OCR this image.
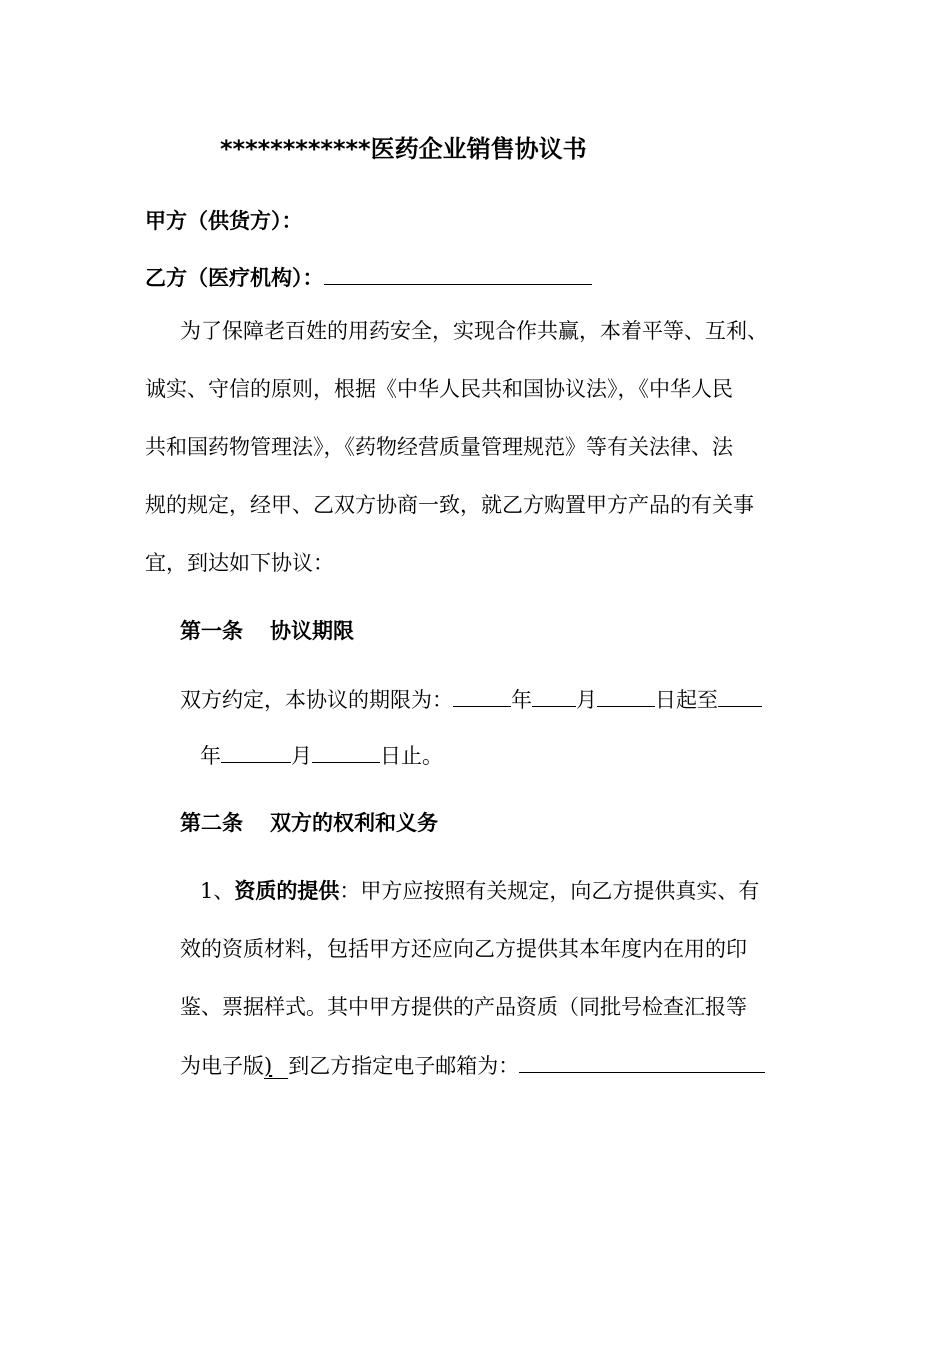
************医药企业销售协议书
甲方（供货方）：
乙方（医疗机构）：
为了保障老百姓的用药安全，实现合作共赢，本着平等、互利、
诚实、守信的原则，根据《中华人民共和国协议法》，《中华人民
共和国药物管理法》，《药物经营质量管理规范》等有关法律、法
规的规定，经甲、乙双方协商一致，就乙方购置甲方产品的有关事
宜，到达如下协议：
第一条 协议期限
双方约定，本协议的期限为：	年 月	日起至
年	月	日止。
第二条 双方的权利和义务
1、资质的提供：甲方应按照有关规定，向乙方提供真实、有
效的资质材料，包括甲方还应向乙方提供其本年度内在用的印
鉴、票据样式。其中甲方提供的产品资质（同批号检查汇报等
为电子版) 到乙方指定电子邮箱为：
